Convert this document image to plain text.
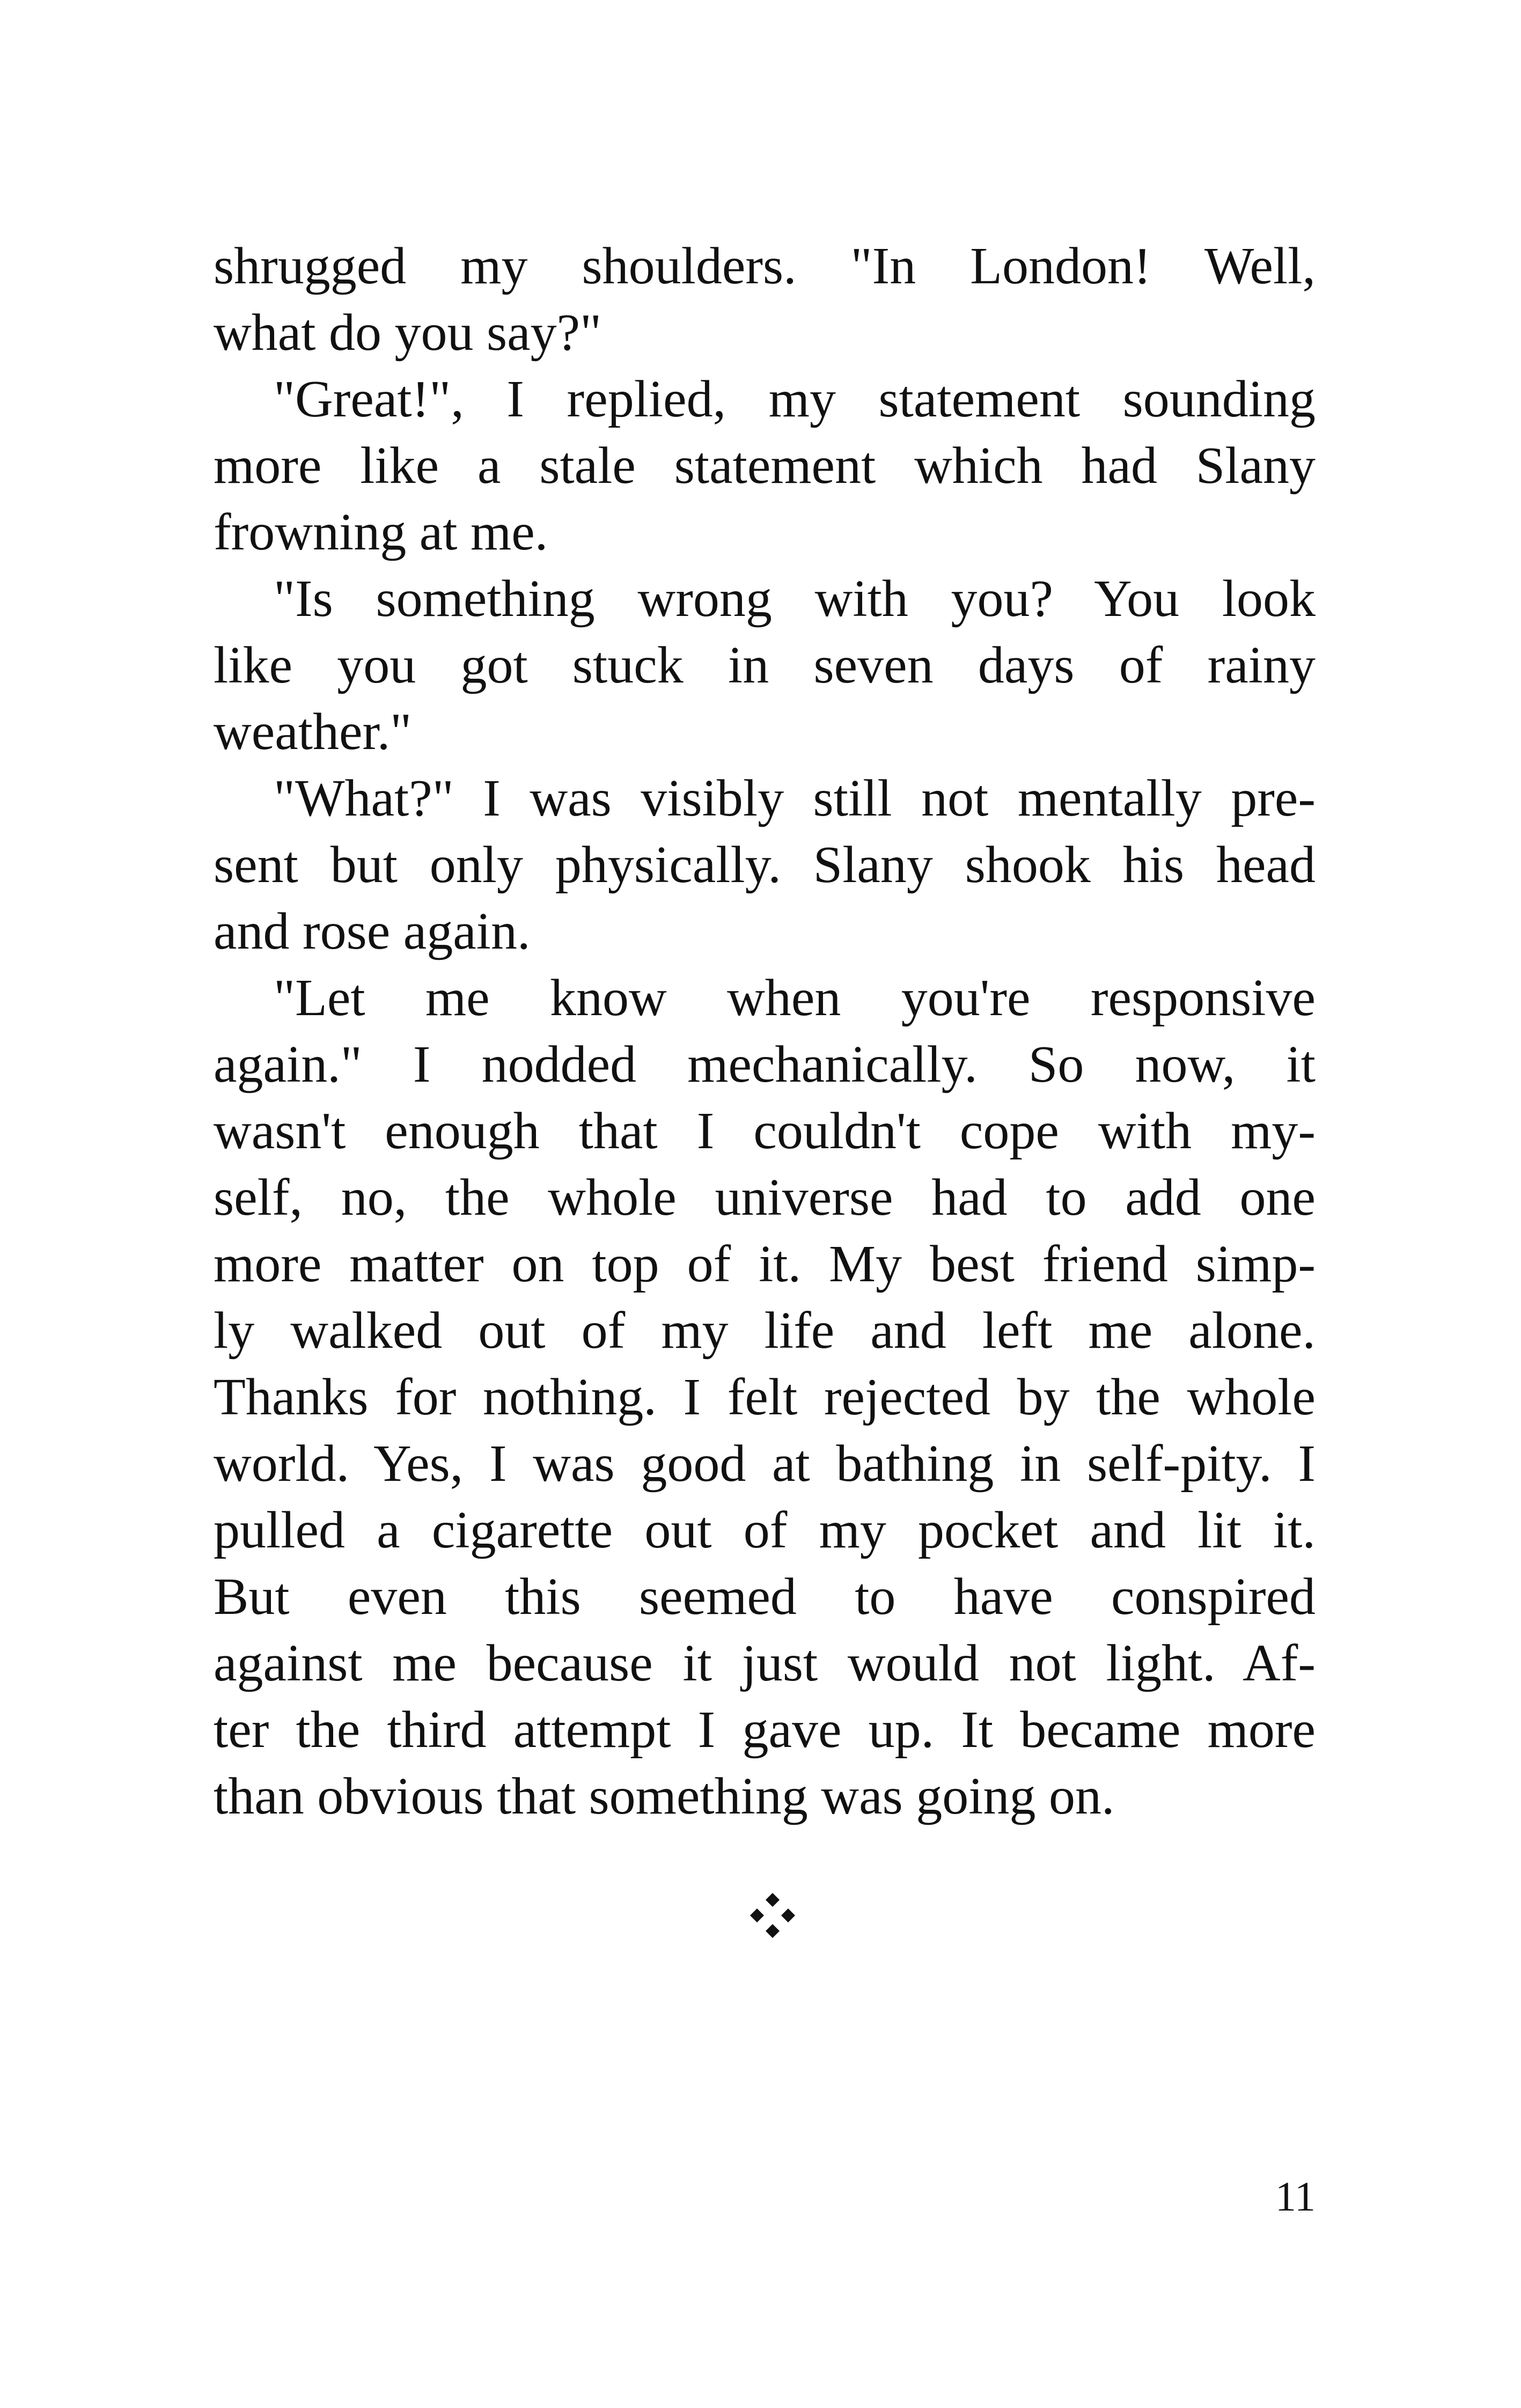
shrugged my shoulders. "In London! Well,
what do you say?"
"Great!", I replied, my statement sounding
more like a stale statement which had Slany
frowning at me.
"Is something wrong with you? You look
like you got stuck in seven days of rainy
weather."
"What?" I was visibly still not mentally pre-
sent but only physically. Slany shook his head
and rose again.
"Let me know when you're responsive
again." I nodded mechanically. So now, it
wasn't enough that I couldn't cope with my-
self, no, the whole universe had to add one
more matter on top of it. My best friend simp-
ly walked out of my life and left me alone.
Thanks for nothing. I felt rejected by the whole
world. Yes, I was good at bathing in self-pity. I
pulled a cigarette out of my pocket and lit it.
But even this seemed to have conspired
against me because it just would not light. Af-
ter the third attempt I gave up. It became more
than obvious that something was going on.
11
